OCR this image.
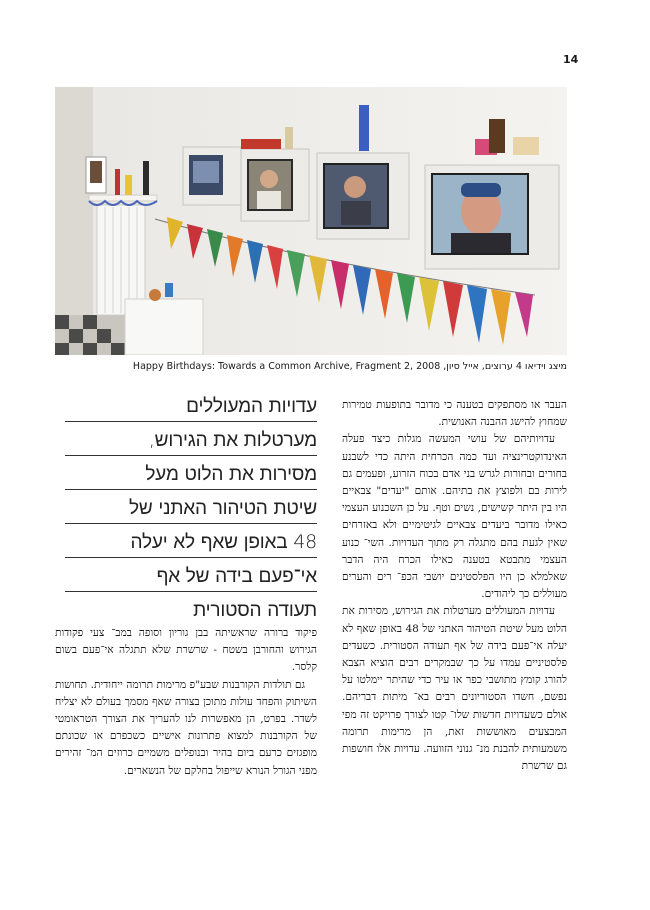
14
מיצג וידיאו 4 ערוצים, אייל סיון, Happy Birthdays: Towards a Common Archive, Fragment 2, 2008

העבר או מסתפקים בטענה כי מדובר בתופעות טמירות שמחוץ להישג ההבנה האנושית.

עדויותיהם של עושי המעשה מגלות כיצד פעלה האינדוקטרינציה ועד כמה הכרחית היתה כדי לשבנע בחורים ובחורות לגרש בני אדם בכוח הזרוע, ופעמים גם לירות בם ולפוצץ את בתיהם. אותם "יעדים" צבאיים היו בין היתר קשישים, נשים וטף. על כן השכנוע העצמי כאילו מדובר ביעדים צבאיים לגיטימיים ולא באזרחים שאין לגעת בהם מתגלה רק מתוך העדויות. השי־ כנוע העצמי מתבטא בטענה כאילו הכרח היה הדבר שאלמלא כן היו הפלסטינים יושבי הכפ־ רים והערים מעוללים כך ליהודים.

עדויות המעוללים מערטלות את הגירוש, מסירות את הלוט מעל שיטת הטיהור האתני של 48 באופן שאף לא יעלה אי־פעם בידה של אף תעודה הסטורית. כשעדים פלסטיניים עמדו על כך שבמקרים רבים הוציא הצבא להורג קומץ מתושבי כפר או עיר כדי שהיתר יימלטו על נפשם, חשדו הסטוריונים רבים בא־ מיתות דבריהם. אולם כשעדויות חדשות שלו־ קטו לצורך פרויקט זה מפי המבצעים מאוששות זאת, הן מרימות תרומה משמעותית להבנת מנ־ גנוני הזוועה. עדויות אלו חושפות גם שרשרת

עדויות המעוללים
מערטלות את הגירוש,
מסירות את הלוט מעל
שיטת הטיהור האתני של
48 באופן שאף לא יעלה
אי־פעם בידה של אף
תעודה הסטורית

פיקוד ברורה שראשיתה בבן גוריון וסופה במב־ צעי פקודות הגירוש והחורבן בשטח - שרשרת שלא תתגלה אי־פעם בשום קלסר.

גם תולדות הקורבנות שבע"פ מרימות תרומה ייחודית. תחושות השיתוק והפחד עולות מתוכן בצורה שאף מסמך בעולם לא יצליח לשדר. בפרט, הן מאפשרות לנו להעריך את הצורך הטראומטי של הקורבנות למצוא פתרונות אישיים כשכפרם או שכונתם מופגזים כרעם ביום בהיר ובנופלים משמיים כרוזים המ־ זהירים מפני הגורל הנורא שייפול בחלקם של הנשארים.
